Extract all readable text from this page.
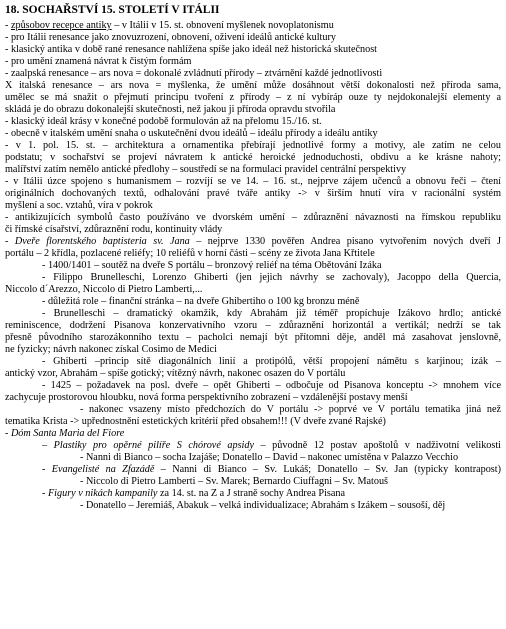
18. SOCHAŘSTVÍ 15. STOLETÍ V ITÁLII
- způsobov recepce antiky – v Itálii v 15. st. obnovení myšlenek novoplatonismu
- pro Itálii renesance jako znovuzrození, obnovení, oživení ideálů antické kultury
- klasický antika v době rané renesance nahlížena spíše jako ideál než historická skutečnost
- pro umění znamená návrat k čistým formám
- zaalpská renesance – ars nova = dokonalé zvládnutí přírody – ztvárnění každé jednotlivosti
X italská renesance – ars nova = myšlenka, že umění může dosáhnout větší dokonalosti než příroda sama,
umělec se má snažit o přejmutí principu tvoření z přírody – z ní vybíráp ouze ty nejdokonalejší elementy a
skládá je do obrazu dokonalejší skutečnosti, než jakou ji příroda opravdu stvořila
- klasický ideál krásy v konečné podobě formulován až na přelomu 15./16. st.
- obecně v italském umění snaha o uskutečnění dvou ideálů – ideálu přírody a ideálu antiky
- v 1. pol. 15. st. – architektura a ornamentika přebírají jednotlivé formy a motivy, ale zatím ne celou
podstatu; v sochařství se projeví návratem k antické heroické jednoduchosti, obdivu a ke krásne nahoty;
malířství zatím nemělo antické předlohy – soustředí se na formulaci pravidel centrální perspektivy
- v Itálii úzce spojeno s humanismem – rozvíjí se ve 14. – 16. st., nejprve zájem učenců a obnovu řeči – čtení
originálních dochovaných textů, odhalování pravé tváře antiky -> v širším hnutí víra v racionální systém
myšlení a soc. vztahů, víra v pokrok
- antikizujících symbolů často používáno ve dvorském umění – zdůraznění návaznosti na římskou republiku
či římské císařství, zdůraznění rodu, kontinuity vlády
- Dveře florentského baptisteria sv. Jana – nejprve 1330 pověřen Andrea pisano vytvořením nových dveří J
portálu – 2 křídla, pozlacené reliéfy; 10 reliéfů v horní části – scény ze života Jana Křtitele
- 1400/1401 – soutěž na dveře S portálu – bronzový reliéf na téma Obětování Izáka
- Filippo Brunelleschi, Lorenzo Ghiberti (jen jejich návrhy se zachovaly), Jacoppo della Quercia,
Niccolo d´Arezzo, Niccolo di Pietro Lamberti,...
- důležitá role – finanční stránka – na dveře Ghibertiho o 100 kg bronzu méně
- Brunelleschi – dramatický okamžik, kdy Abrahám již téměř propíchuje Izákovo hrdlo; antické
reminiscence, dodržení Pisanova konzervativního vzoru – zdůraznění horizontál a vertikál; nedrží se tak
přesně původního starozákonního textu – pacholci nemají být přítomni děje, anděl má zasahovat jenslovně,
ne fyzicky; návrh nakonec získal Cosimo de Medici
- Ghiberti –princip sítě diagonálních linií a protipólů, větší propojení námětu s karjinou; izák –
antický vzor, Abrahám – spíše gotický; vítězný návrh, nakonec osazen do V portálu
- 1425 – požadavek na posl. dveře – opět Ghiberti – odbočuje od Pisanova konceptu -> mnohem více
zachycuje prostorovou hloubku, nová forma perspektivního zobrazení – vzdálenější postavy menší
- nakonec vsazeny místo předchozích do V portálu -> poprvé ve V portálu tematika jiná než
tematika Krista -> upřednostnění estetických kritérií před obsahem!!! (V dveře zvané Rajské)
- Dóm Santa Maria del Fiore
– Plastiky pro opěrné pilíře S chórové apsidy – původně 12 postav apoštolů v nadživotní velikosti
- Nanni di Bianco – socha Izajáše; Donatello – David – nakonec umístěna v Palazzo Vecchio
- Evangelisté na Zfazádě – Nanni di Bianco – Sv. Lukáš; Donatello – Sv. Jan (typicky kontrapost)
- Niccolo di Pietro Lamberti – Sv. Marek; Bernardo Ciuffagni – Sv. Matouš
- Figury v nikách kampanily za 14. st. na Z a J straně sochy Andrea Pisana
- Donatello – Jeremiáš, Abakuk – velká individualizace; Abrahám s Izákem – sousoší, děj
